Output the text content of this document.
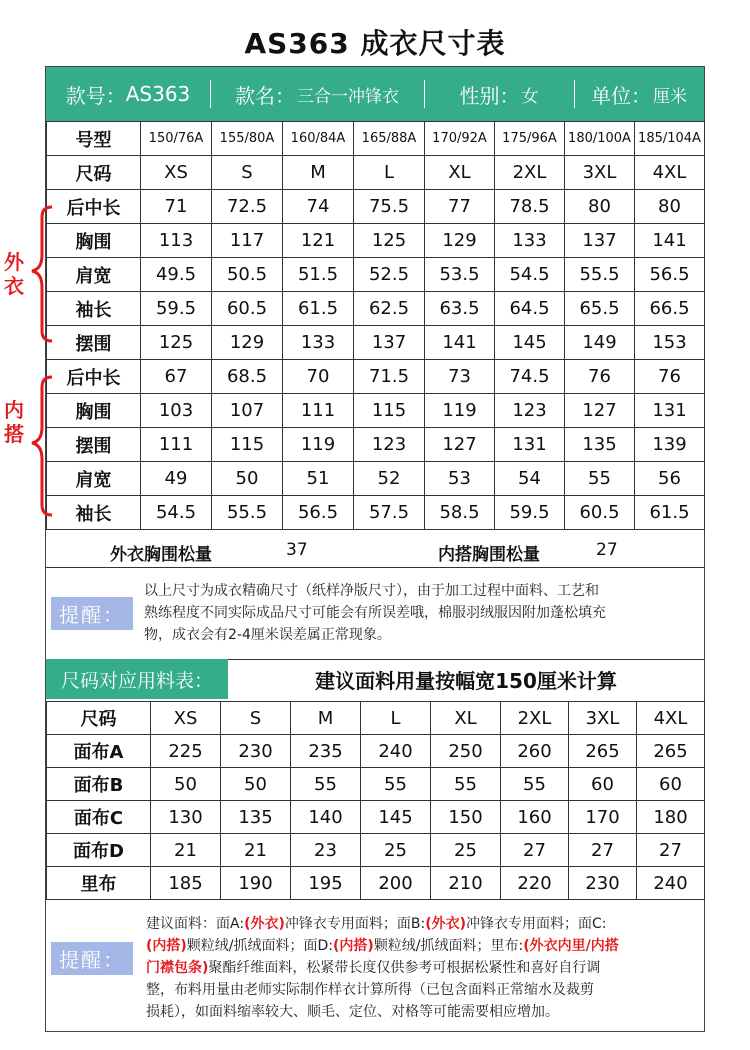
AS363 成衣尺寸表
款号： AS363 款名： 三合一冲锋衣	性别： 女	单位： 厘米
号型	150/76A	155/80A	160/84A	165/88A	170/92A	175/96A	180/100A	185/104A
尺码	XS	S	M	L	XL	2XL	3XL	4XL
后中长	71	72.5	74	75.5	77	78.5	80	80
胸围	113	117	121	125	129	133	137	141
肩宽	49.5	50.5	51.5	52.5	53.5	54.5	55.5	56.5
袖长	59.5	60.5	61.5	62.5	63.5	64.5	65.5	66.5
摆围	125	129	133	137	141	145	149	153
后中长	67	68.5	70	71.5	73	74.5	76	76
胸围	103	107	111	115	119	123	127	131
摆围	111	115	119	123	127	131	135	139
肩宽	49	50	51	52	53	54	55	56
袖长	54.5	55.5	56.5	57.5	58.5	59.5	60.5	61.5
外衣
内搭
外衣胸围松量	37	内搭胸围松量	27
提醒：
以上尺寸为成衣精确尺寸（纸样净版尺寸），由于加工过程中面料、工艺和
熟练程度不同实际成品尺寸可能会有所误差哦，棉服羽绒服因附加蓬松填充
物，成衣会有2-4厘米误差属正常现象。
尺码对应用料表：	建议面料用量按幅宽150厘米计算
尺码	XS	S	M	L	XL	2XL	3XL	4XL
面布A	225	230	235	240	250	260	265	265
面布B	50	50	55	55	55	55	60	60
面布C	130	135	140	145	150	160	170	180
面布D	21	21	23	25	25	27	27	27
里布	185	190	195	200	210	220	230	240
提醒：
建议面料：面A:(外衣)冲锋衣专用面料；面B:(外衣)冲锋衣专用面料；面C:
(内搭)颗粒绒/抓绒面料；面D:(内搭)颗粒绒/抓绒面料；里布:(外衣内里/内搭
门襟包条)聚酯纤维面料，松紧带长度仅供参考可根据松紧性和喜好自行调
整，布料用量由老师实际制作样衣计算所得（已包含面料正常缩水及裁剪
损耗），如面料缩率较大、顺毛、定位、对格等可能需要相应增加。
